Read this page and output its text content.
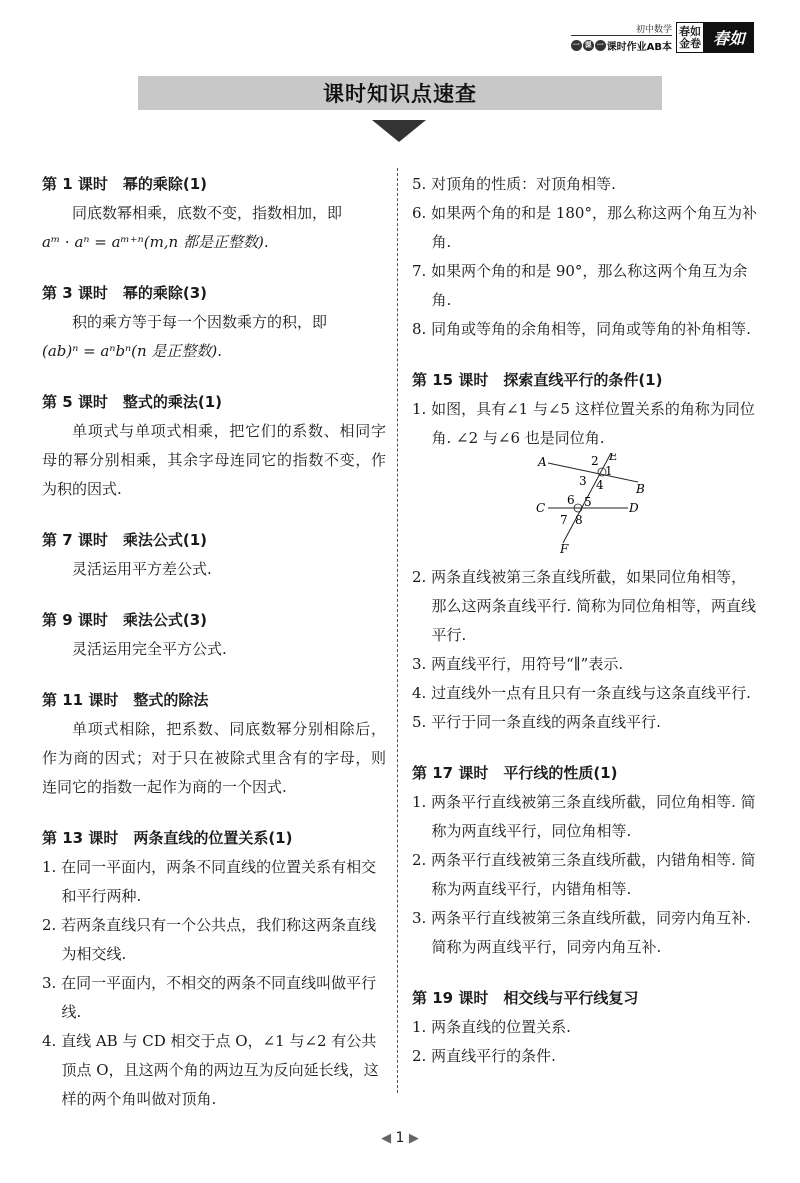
初中数学
一 课 一 课时作业AB本
春如
金卷 春如
课时知识点速查
第 1 课时　幂的乘除(1)
同底数幂相乘，底数不变，指数相加，即
aᵐ · aⁿ = aᵐ⁺ⁿ(m,n 都是正整数).
第 3 课时　幂的乘除(3)
积的乘方等于每一个因数乘方的积，即
(ab)ⁿ = aⁿbⁿ(n 是正整数).
第 5 课时　整式的乘法(1)
单项式与单项式相乘，把它们的系数、相同字母的幂分别相乘，其余字母连同它的指数不变，作为积的因式.
第 7 课时　乘法公式(1)
灵活运用平方差公式.
第 9 课时　乘法公式(3)
灵活运用完全平方公式.
第 11 课时　整式的除法
单项式相除，把系数、同底数幂分别相除后，作为商的因式；对于只在被除式里含有的字母，则连同它的指数一起作为商的一个因式.
第 13 课时　两条直线的位置关系(1)
1. 在同一平面内，两条不同直线的位置关系有相交和平行两种.
2. 若两条直线只有一个公共点，我们称这两条直线为相交线.
3. 在同一平面内，不相交的两条不同直线叫做平行线.
4. 直线 AB 与 CD 相交于点 O，∠1 与∠2 有公共顶点 O，且这两个角的两边互为反向延长线，这样的两个角叫做对顶角.
5. 对顶角的性质：对顶角相等.
6. 如果两个角的和是 180°，那么称这两个角互为补角.
7. 如果两个角的和是 90°，那么称这两个角互为余角.
8. 同角或等角的余角相等，同角或等角的补角相等.
第 15 课时　探索直线平行的条件(1)
1. 如图，具有∠1 与∠5 这样位置关系的角称为同位角. ∠2 与∠6 也是同位角.
A
B
C	D
E
F
1
2
3 4
5
6
7 8
2. 两条直线被第三条直线所截，如果同位角相等，那么这两条直线平行. 简称为同位角相等，两直线平行.
3. 两直线平行，用符号“∥”表示.
4. 过直线外一点有且只有一条直线与这条直线平行.
5. 平行于同一条直线的两条直线平行.
第 17 课时　平行线的性质(1)
1. 两条平行直线被第三条直线所截，同位角相等. 简称为两直线平行，同位角相等.
2. 两条平行直线被第三条直线所截，内错角相等. 简称为两直线平行，内错角相等.
3. 两条平行直线被第三条直线所截，同旁内角互补. 简称为两直线平行，同旁内角互补.
第 19 课时　相交线与平行线复习
1. 两条直线的位置关系.
2. 两直线平行的条件.
◀ 1 ▶
